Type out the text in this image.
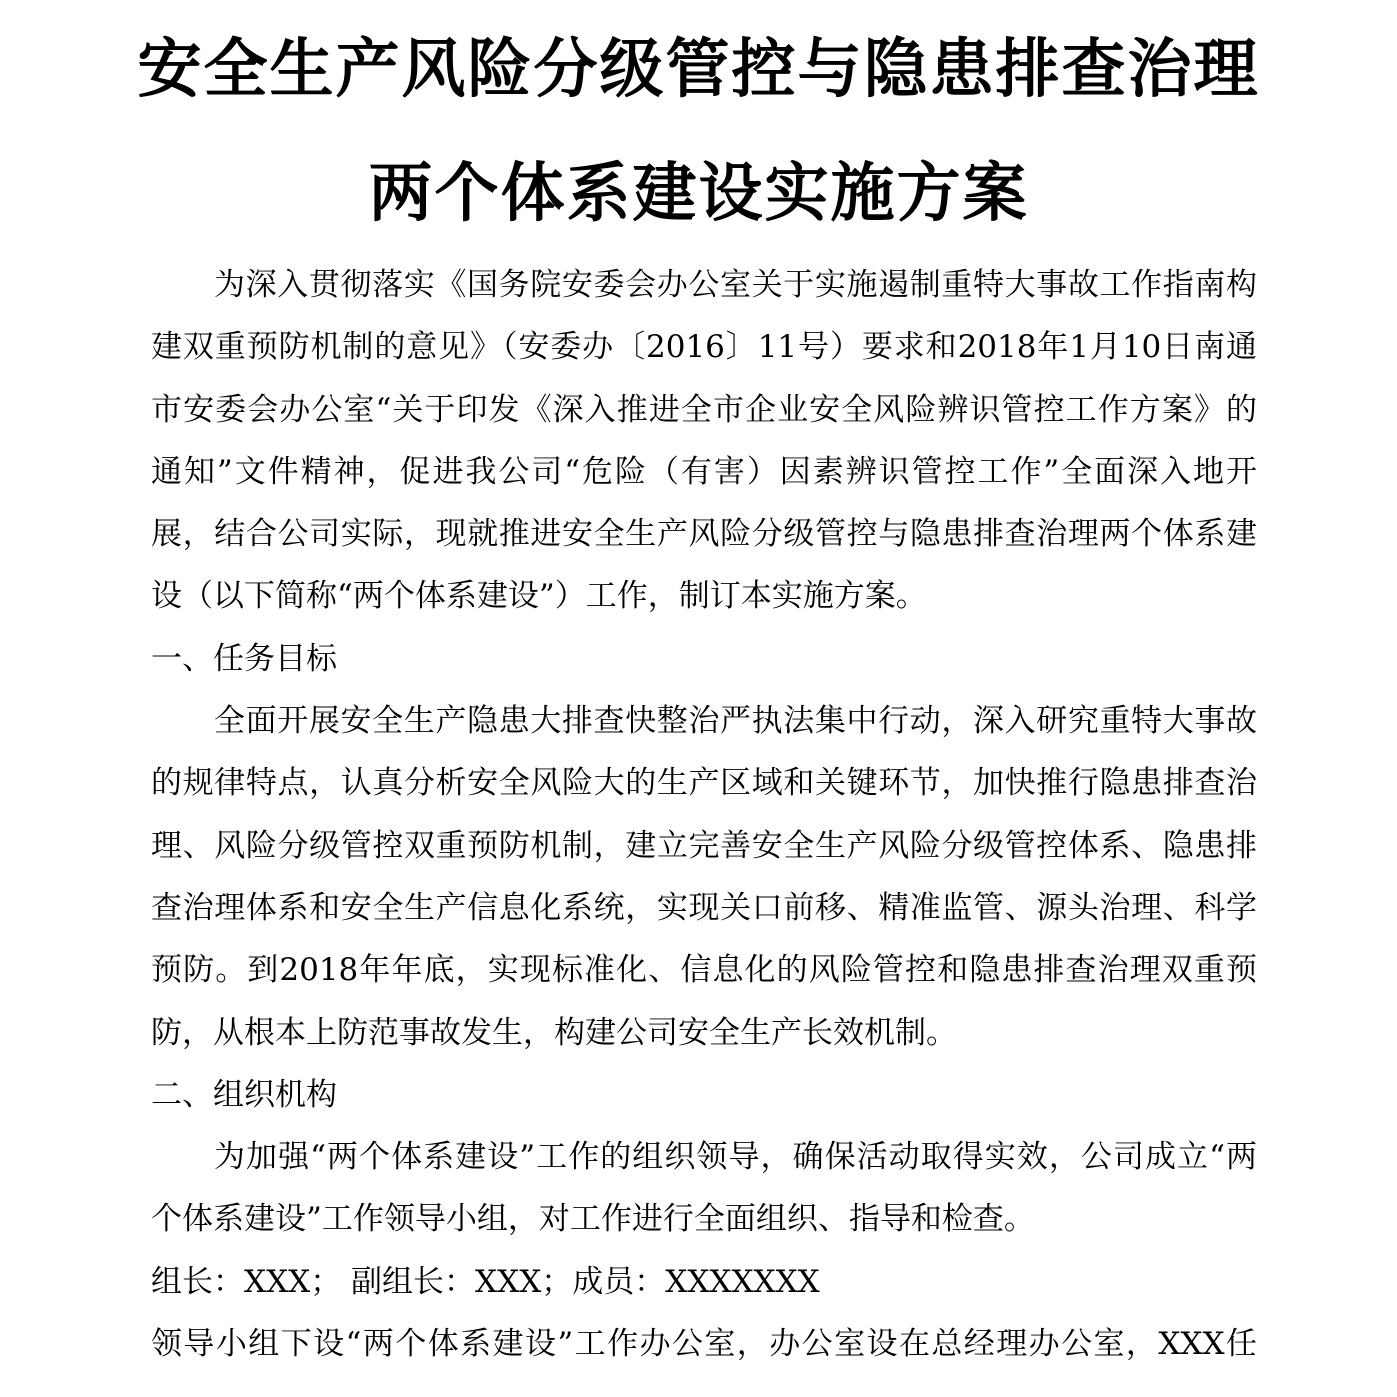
安全生产风险分级管控与隐患排查治理
两个体系建设实施方案
为深入贯彻落实《国务院安委会办公室关于实施遏制重特大事故工作指南构
建双重预防机制的意见》（安委办〔2016〕11号）要求和2018年1月10日南通
市安委会办公室“关于印发《深入推进全市企业安全风险辨识管控工作方案》的
通知”文件精神，促进我公司“危险（有害）因素辨识管控工作”全面深入地开
展，结合公司实际，现就推进安全生产风险分级管控与隐患排查治理两个体系建
设（以下简称“两个体系建设”）工作，制订本实施方案。
一、任务目标
全面开展安全生产隐患大排查快整治严执法集中行动，深入研究重特大事故
的规律特点，认真分析安全风险大的生产区域和关键环节，加快推行隐患排查治
理、风险分级管控双重预防机制，建立完善安全生产风险分级管控体系、隐患排
查治理体系和安全生产信息化系统，实现关口前移、精准监管、源头治理、科学
预防。到2018年年底，实现标准化、信息化的风险管控和隐患排查治理双重预
防，从根本上防范事故发生，构建公司安全生产长效机制。
二、组织机构
为加强“两个体系建设”工作的组织领导，确保活动取得实效，公司成立“两
个体系建设”工作领导小组，对工作进行全面组织、指导和检查。
组长：XXX； 副组长：XXX；成员：XXXXXXX
领导小组下设“两个体系建设”工作办公室，办公室设在总经理办公室，XXX任
